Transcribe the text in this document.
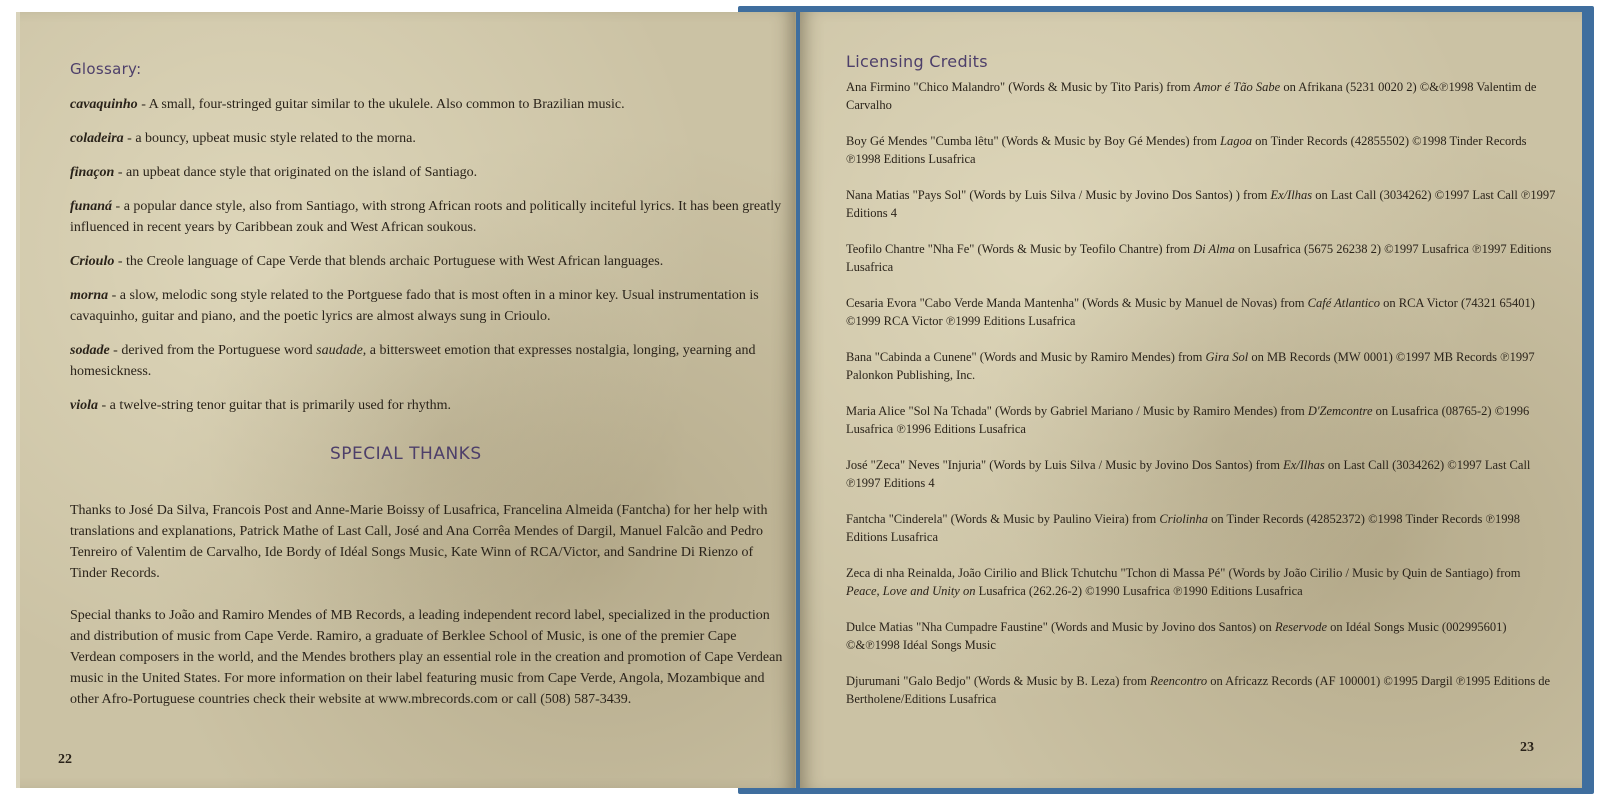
Glossary:

cavaquinho - A small, four-stringed guitar similar to the ukulele. Also common to Brazilian music.

coladeira - a bouncy, upbeat music style related to the morna.

finaçon - an upbeat dance style that originated on the island of Santiago.

funaná - a popular dance style, also from Santiago, with strong African roots and politically inciteful lyrics. It has been greatly influenced in recent years by Caribbean zouk and West African soukous.

Crioulo - the Creole language of Cape Verde that blends archaic Portuguese with West African languages.

morna - a slow, melodic song style related to the Portguese fado that is most often in a minor key. Usual instrumentation is cavaquinho, guitar and piano, and the poetic lyrics are almost always sung in Crioulo.

sodade - derived from the Portuguese word saudade, a bittersweet emotion that expresses nostalgia, longing, yearning and homesickness.

viola - a twelve-string tenor guitar that is primarily used for rhythm.

SPECIAL THANKS

Thanks to José Da Silva, Francois Post and Anne-Marie Boissy of Lusafrica, Francelina Almeida (Fantcha) for her help with translations and explanations, Patrick Mathe of Last Call, José and Ana Corrêa Mendes of Dargil, Manuel Falcão and Pedro Tenreiro of Valentim de Carvalho, Ide Bordy of Idéal Songs Music, Kate Winn of RCA/Victor, and Sandrine Di Rienzo of Tinder Records.

Special thanks to João and Ramiro Mendes of MB Records, a leading independent record label, specialized in the production and distribution of music from Cape Verde. Ramiro, a graduate of Berklee School of Music, is one of the premier Cape Verdean composers in the world, and the Mendes brothers play an essential role in the creation and promotion of Cape Verdean music in the United States. For more information on their label featuring music from Cape Verde, Angola, Mozambique and other Afro-Portuguese countries check their website at www.mbrecords.com or call (508) 587-3439.

22
Licensing Credits

Ana Firmino "Chico Malandro" (Words & Music by Tito Paris) from Amor é Tão Sabe on Afrikana (5231 0020 2) ©&℗1998 Valentim de Carvalho

Boy Gé Mendes "Cumba lêtu" (Words & Music by Boy Gé Mendes) from Lagoa on Tinder Records (42855502) ©1998 Tinder Records ℗1998 Editions Lusafrica

Nana Matias "Pays Sol" (Words by Luis Silva / Music by Jovino Dos Santos) ) from Ex/Ilhas on Last Call (3034262) ©1997 Last Call ℗1997 Editions 4

Teofilo Chantre "Nha Fe" (Words & Music by Teofilo Chantre) from Di Alma on Lusafrica (5675 26238 2) ©1997 Lusafrica ℗1997 Editions Lusafrica

Cesaria Evora "Cabo Verde Manda Mantenha" (Words & Music by Manuel de Novas) from Café Atlantico on RCA Victor (74321 65401) ©1999 RCA Victor ℗1999 Editions Lusafrica

Bana "Cabinda a Cunene" (Words and Music by Ramiro Mendes) from Gira Sol on MB Records (MW 0001) ©1997 MB Records ℗1997 Palonkon Publishing, Inc.

Maria Alice "Sol Na Tchada" (Words by Gabriel Mariano / Music by Ramiro Mendes) from D'Zemcontre on Lusafrica (08765-2) ©1996 Lusafrica ℗1996 Editions Lusafrica

José "Zeca" Neves "Injuria" (Words by Luis Silva / Music by Jovino Dos Santos) from Ex/Ilhas on Last Call (3034262) ©1997 Last Call ℗1997 Editions 4

Fantcha "Cinderela" (Words & Music by Paulino Vieira) from Criolinha on Tinder Records (42852372) ©1998 Tinder Records ℗1998 Editions Lusafrica

Zeca di nha Reinalda, João Cirilio and Blick Tchutchu "Tchon di Massa Pé" (Words by João Cirilio / Music by Quin de Santiago) from Peace, Love and Unity on Lusafrica (262.26-2) ©1990 Lusafrica ℗1990 Editions Lusafrica

Dulce Matias "Nha Cumpadre Faustine" (Words and Music by Jovino dos Santos) on Reservode on Idéal Songs Music (002995601) ©&℗1998 Idéal Songs Music

Djurumani "Galo Bedjo" (Words & Music by B. Leza) from Reencontro on Africazz Records (AF 100001) ©1995 Dargil ℗1995 Editions de Bertholene/Editions Lusafrica

23
